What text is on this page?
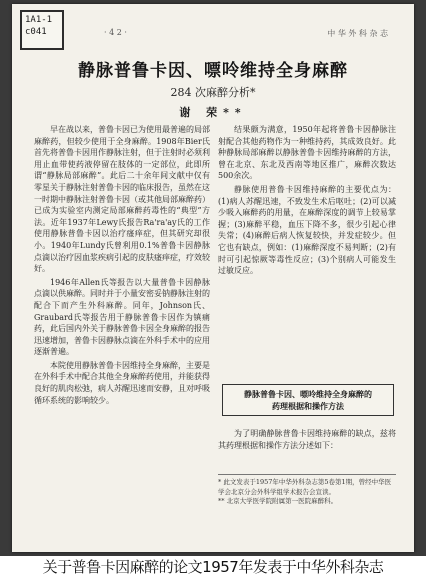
1A1-1
c041	· 4 2 ·	中 华 外 科 杂 志
静脉普鲁卡因、嘌呤维持全身麻醉
284 次麻醉分析*
谢 荣**

早在战以来，普鲁卡因已为使用最普遍的局部麻醉药，但较少使用于全身麻醉。1908年Bier氏首先将普鲁卡因用作静脉注射，但于注射时必须利用止血带使药液停留在肢体的一定部位，此即所谓“静脉局部麻醉”。此后二十余年间文献中仅有零星关于静脉注射普鲁卡因的临床报告，虽然在这一时期中静脉注射普鲁卡因（或其他局部麻醉药）已成为实验室内测定局部麻醉药毒性的“典型”方法。近年1937年Lewy氏报告Ra'ra'ay氏的工作使用静脉普鲁卡因以治疗瘙痒症，但其研究却很小。1940年Lundy氏曾利用0.1%普鲁卡因静脉点滴以治疗因血浆疾病引起的皮肤瘙痒症，疗效较好。

1946年Allen氏等报告以大量普鲁卡因静脉点滴以供麻醉。同时并于小量安密妥钠静脉注射的配合下而产生外科麻醉。同年，Johnson氏、Graubard氏等报告用于静脉普鲁卡因作为镇痛药，此后国内外关于静脉普鲁卡因全身麻醉的报告迅速增加，普鲁卡因静脉点滴在外科手术中的应用逐渐普遍。

本院使用静脉普鲁卡因维持全身麻醉，主要是在外科手术中配合其他全身麻醉药使用，并能获得良好的肌肉松弛，病人苏醒迅速而安静，且对呼吸循环系统的影响较少。

结果颇为满意，1950年起将普鲁卡因静脉注射配合其他药物作为一种维持药，其成效良好。此种静脉局部麻醉以静脉普鲁卡因维持麻醉的方法，曾在北京、东北及西南等地区推广，麻醉次数达500余次。

静脉使用普鲁卡因维持麻醉的主要优点为：(1)病人苏醒迅速，不致发生术后呕吐；(2)可以减少吸入麻醉药的用量，在麻醉深度的调节上较易掌握；(3)麻醉平稳，血压下降不多，很少引起心律失常；(4)麻醉后病人恢复较快，并发症较少。但它也有缺点，例如：(1)麻醉深度不易判断；(2)有时可引起惊厥等毒性反应；(3)个别病人可能发生过敏反应。

静脉普鲁卡因、嘌呤维持全身麻醉的
药理根据和操作方法

为了明确静脉普鲁卡因维持麻醉的缺点，兹将其药理根据和操作方法分述如下：

* 此文发表于1957年中华外科杂志第5卷第1期，曾经中华医学会北京分会外科学组学术报告会宣读。

** 北京大学医学院附属第一医院麻醉科。

关于普鲁卡因麻醉的论文1957年发表于中华外科杂志
